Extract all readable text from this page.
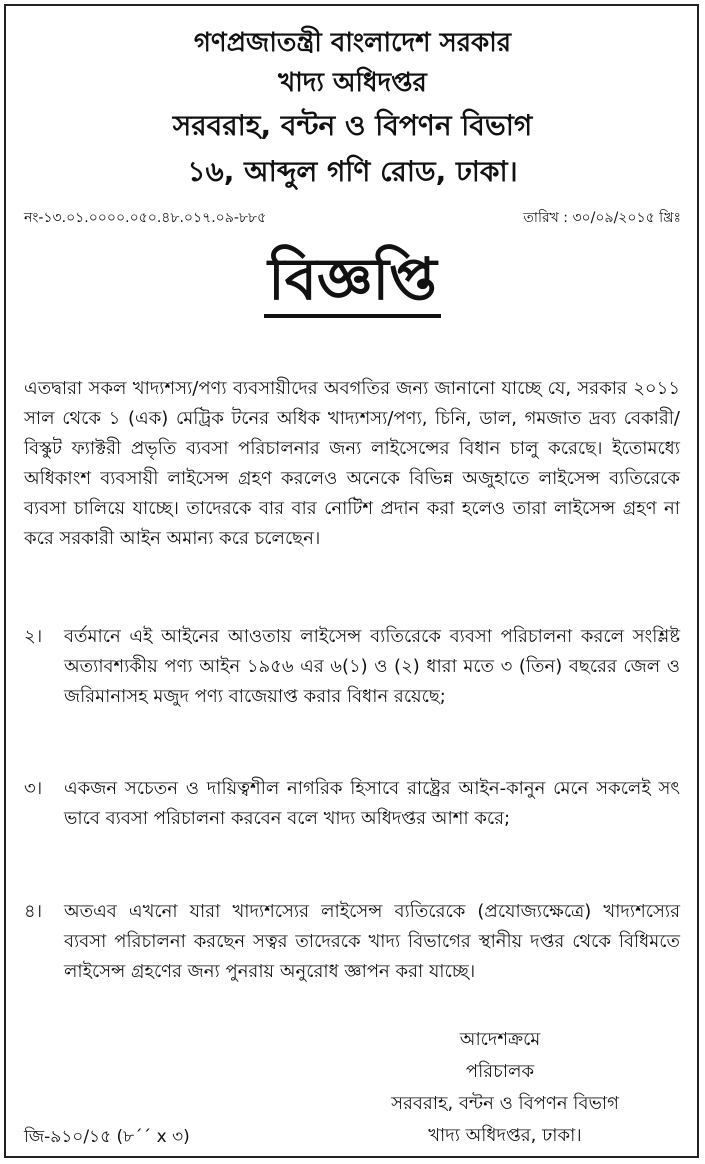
গণপ্রজাতন্ত্রী বাংলাদেশ সরকার
খাদ্য অধিদপ্তর
সরবরাহ, বন্টন ও বিপণন বিভাগ
১৬, আব্দুল গণি রোড, ঢাকা।
নং-১৩.০১.০০০০.০৫০.৪৮.০১৭.০৯-৮৮৫	তারিখ : ৩০/০৯/২০১৫ খ্রিঃ
বিজ্ঞপ্তি
এতদ্বারা সকল খাদ্যশস্য/পণ্য ব্যবসায়ীদের অবগতির জন্য জানানো যাচ্ছে যে, সরকার ২০১১ সাল থেকে ১ (এক) মেট্রিক টনের অধিক খাদ্যশস্য/পণ্য, চিনি, ডাল, গমজাত দ্রব্য বেকারী/বিস্কুট ফ্যাক্টরী প্রভৃতি ব্যবসা পরিচালনার জন্য লাইসেন্সের বিধান চালু করেছে। ইতোমধ্যে অধিকাংশ ব্যবসায়ী লাইসেন্স গ্রহণ করলেও অনেকে বিভিন্ন অজুহাতে লাইসেন্স ব্যতিরেকে ব্যবসা চালিয়ে যাচ্ছে। তাদেরকে বার বার নোটিশ প্রদান করা হলেও তারা লাইসেন্স গ্রহণ না করে সরকারী আইন অমান্য করে চলেছেন।
২।	বর্তমানে এই আইনের আওতায় লাইসেন্স ব্যতিরেকে ব্যবসা পরিচালনা করলে সংশ্লিষ্ট অত্যাবশ্যকীয় পণ্য আইন ১৯৫৬ এর ৬(১) ও (২) ধারা মতে ৩ (তিন) বছরের জেল ও জরিমানাসহ মজুদ পণ্য বাজেয়াপ্ত করার বিধান রয়েছে;
৩।	একজন সচেতন ও দায়িত্বশীল নাগরিক হিসাবে রাষ্ট্রের আইন-কানুন মেনে সকলেই সৎ ভাবে ব্যবসা পরিচালনা করবেন বলে খাদ্য অধিদপ্তর আশা করে;
৪।	অতএব এখনো যারা খাদ্যশস্যের লাইসেন্স ব্যতিরেকে (প্রযোজ্যক্ষেত্রে) খাদ্যশস্যের ব্যবসা পরিচালনা করছেন সত্বর তাদেরকে খাদ্য বিভাগের স্থানীয় দপ্তর থেকে বিধিমতে লাইসেন্স গ্রহণের জন্য পুনরায় অনুরোধ জ্ঞাপন করা যাচ্ছে।
আদেশক্রমে
পরিচালক
সরবরাহ, বন্টন ও বিপণন বিভাগ
খাদ্য অধিদপ্তর, ঢাকা।
জি-৯১০/১৫ (৮´´ x ৩)
